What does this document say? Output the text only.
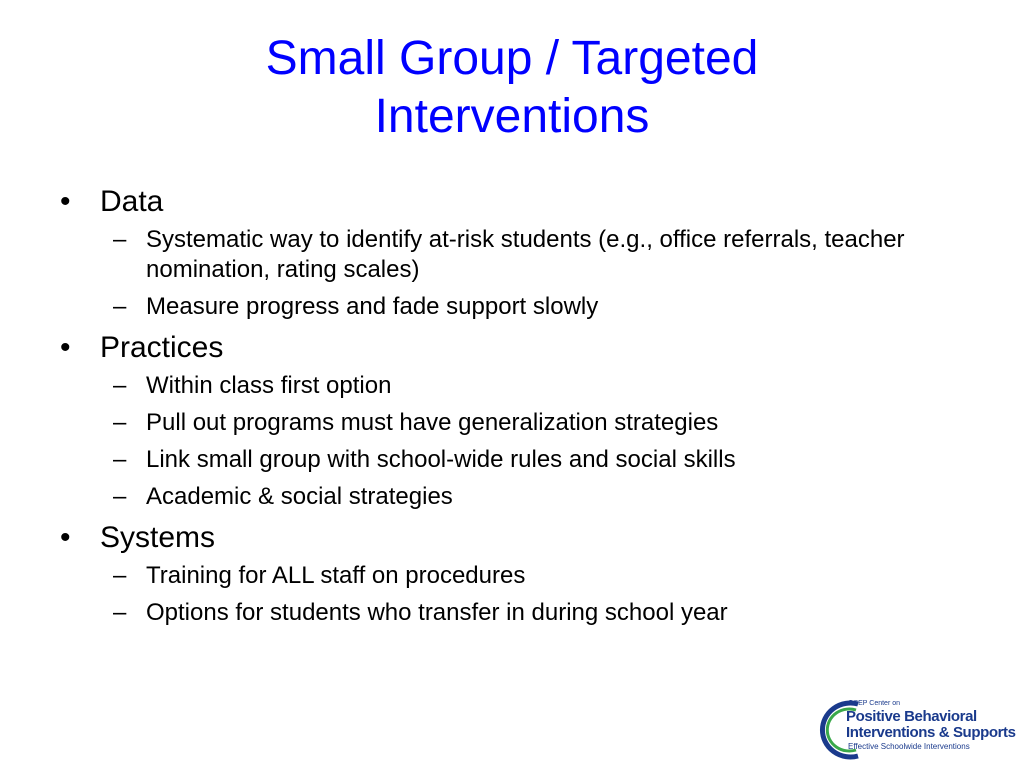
Small Group / Targeted
Interventions
• Data
– Systematic way to identify at-risk students (e.g., office referrals, teacher nomination, rating scales)
– Measure progress and fade support slowly
• Practices
– Within class first option
– Pull out programs must have generalization strategies
– Link small group with school-wide rules and social skills
– Academic & social strategies
• Systems
– Training for ALL staff on procedures
– Options for students who transfer in during school year
OSEP Center on
Positive Behavioral
Interventions & Supports
Effective Schoolwide Interventions
